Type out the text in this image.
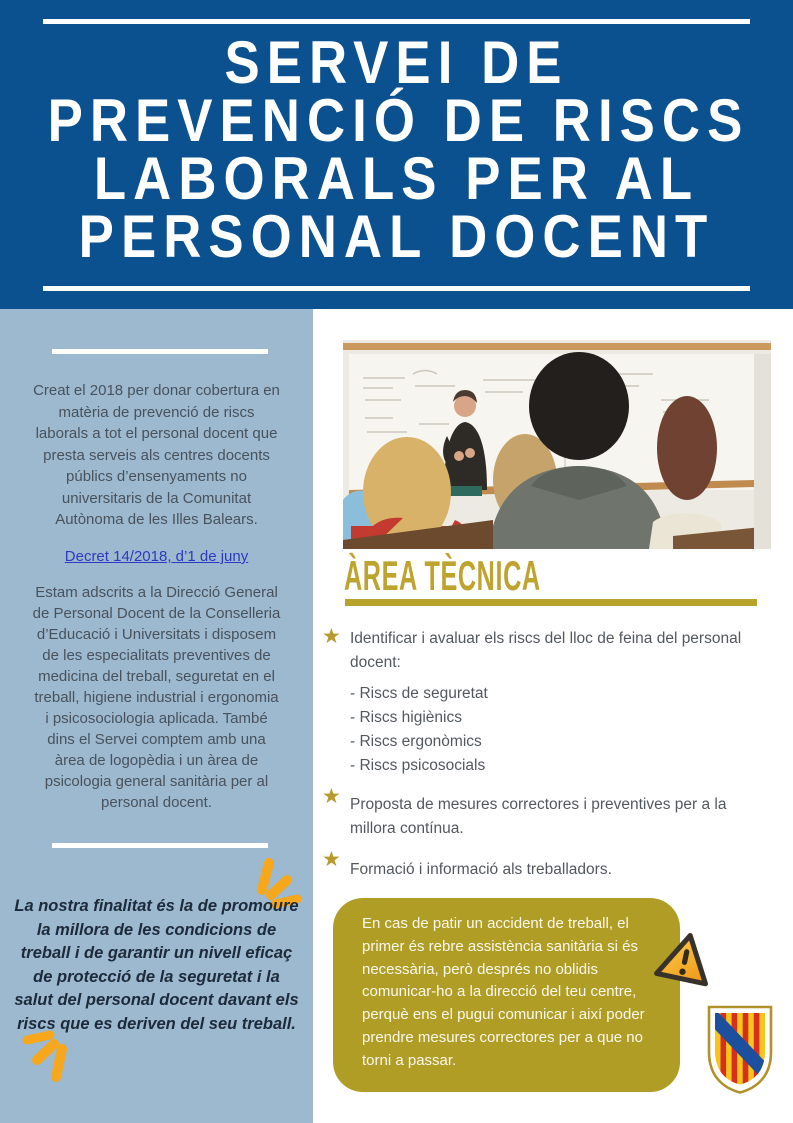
SERVEI DE
PREVENCIÓ DE RISCS
LABORALS PER AL
PERSONAL DOCENT

Creat el 2018 per donar cobertura en matèria de prevenció de riscs laborals a tot el personal docent que presta serveis als centres docents públics d’ensenyaments no universitaris de la Comunitat Autònoma de les Illes Balears.

Decret 14/2018, d’1 de juny

Estam adscrits a la Direcció General de Personal Docent de la Conselleria d’Educació i Universitats i disposem de les especialitats preventives de medicina del treball, seguretat en el treball, higiene industrial i ergonomia i psicosociologia aplicada. També dins el Servei comptem amb una àrea de logopèdia i un àrea de psicologia general sanitària per al personal docent.

La nostra finalitat és la de promoure la millora de les condicions de treball i de garantir un nivell eficaç de protecció de la seguretat i la salut del personal docent davant els riscs que es deriven del seu treball.

ÀREA TÈCNICA
★ Identificar i avaluar els riscs del lloc de feina del personal docent:
- Riscs de seguretat
- Riscs higiènics
- Riscs ergonòmics
- Riscs psicosocials
★ Proposta de mesures correctores i preventives per a la millora contínua.
★ Formació i informació als treballadors.

En cas de patir un accident de treball, el primer és rebre assistència sanitària si és necessària, però després no oblidis comunicar-ho a la direcció del teu centre, perquè ens el pugui comunicar i així poder prendre mesures correctores per a que no torni a passar.
